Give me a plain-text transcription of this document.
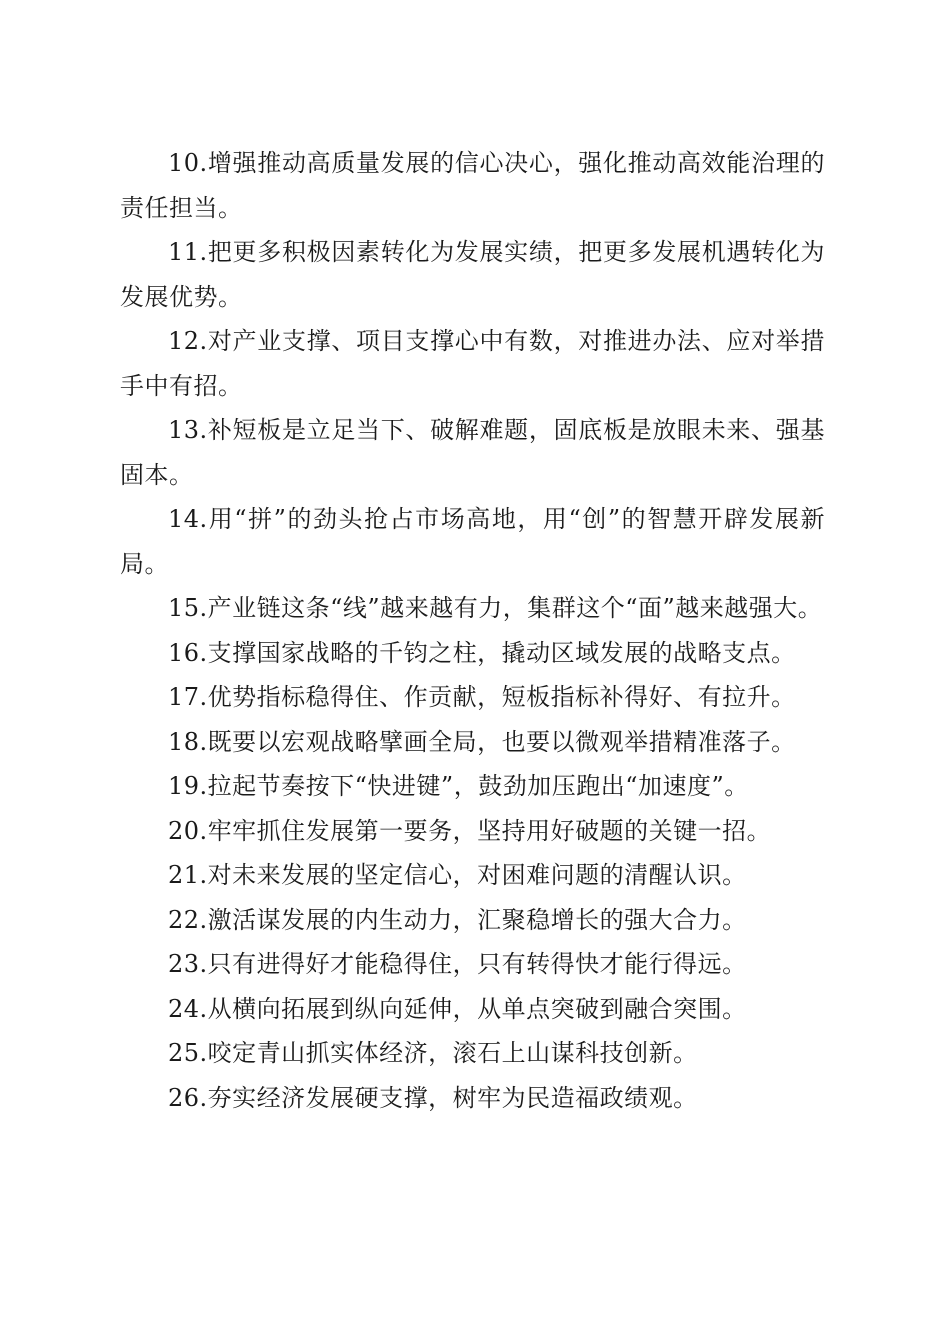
10.增强推动高质量发展的信心决心，强化推动高效能治理的责任担当。

11.把更多积极因素转化为发展实绩，把更多发展机遇转化为发展优势。

12.对产业支撑、项目支撑心中有数，对推进办法、应对举措手中有招。

13.补短板是立足当下、破解难题，固底板是放眼未来、强基固本。

14.用“拼”的劲头抢占市场高地，用“创”的智慧开辟发展新局。

15.产业链这条“线”越来越有力，集群这个“面”越来越强大。

16.支撑国家战略的千钧之柱，撬动区域发展的战略支点。

17.优势指标稳得住、作贡献，短板指标补得好、有拉升。

18.既要以宏观战略擘画全局，也要以微观举措精准落子。

19.拉起节奏按下“快进键”，鼓劲加压跑出“加速度”。

20.牢牢抓住发展第一要务，坚持用好破题的关键一招。

21.对未来发展的坚定信心，对困难问题的清醒认识。

22.激活谋发展的内生动力，汇聚稳增长的强大合力。

23.只有进得好才能稳得住，只有转得快才能行得远。

24.从横向拓展到纵向延伸，从单点突破到融合突围。

25.咬定青山抓实体经济，滚石上山谋科技创新。

26.夯实经济发展硬支撑，树牢为民造福政绩观。
